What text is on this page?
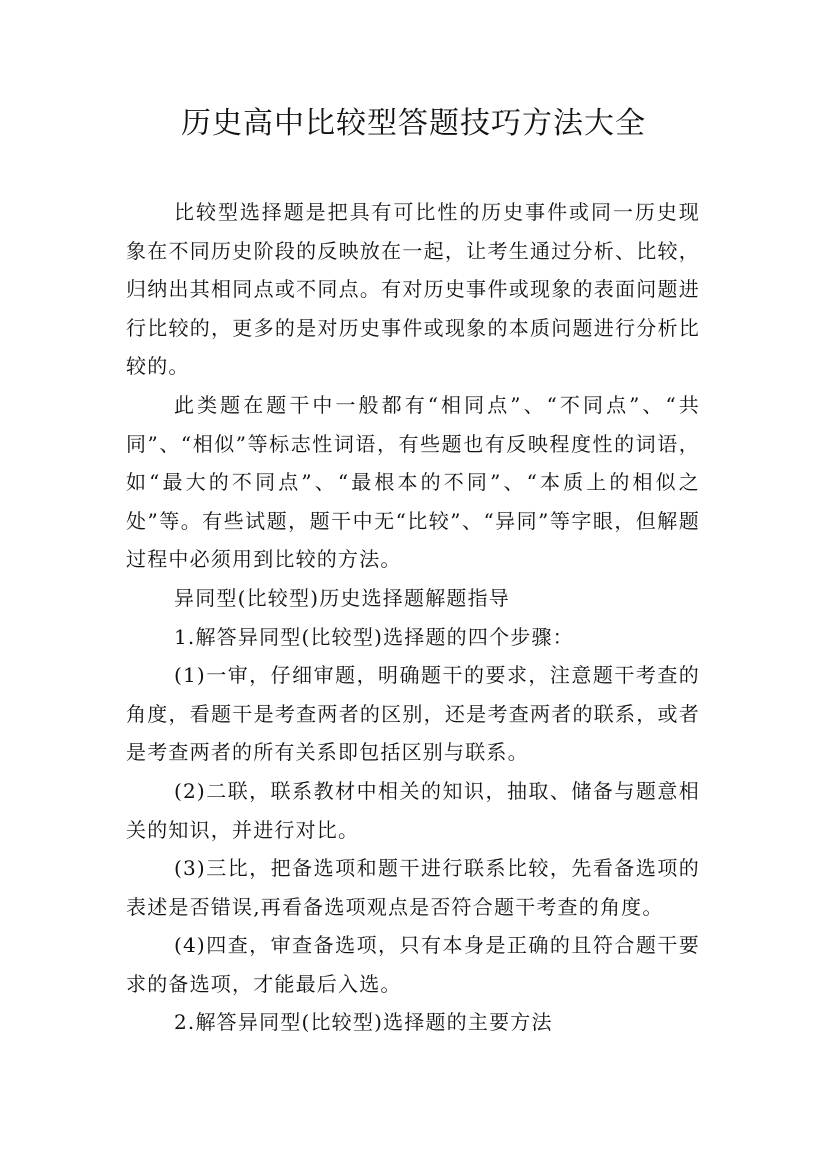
历史高中比较型答题技巧方法大全

比较型选择题是把具有可比性的历史事件或同一历史现象在不同历史阶段的反映放在一起，让考生通过分析、比较，归纳出其相同点或不同点。有对历史事件或现象的表面问题进行比较的，更多的是对历史事件或现象的本质问题进行分析比较的。

此类题在题干中一般都有“相同点”、“不同点”、“共同”、“相似”等标志性词语，有些题也有反映程度性的词语，如“最大的不同点”、“最根本的不同”、“本质上的相似之处”等。有些试题，题干中无“比较”、“异同”等字眼，但解题过程中必须用到比较的方法。

异同型(比较型)历史选择题解题指导

1.解答异同型(比较型)选择题的四个步骤：

(1)一审，仔细审题，明确题干的要求，注意题干考查的角度，看题干是考查两者的区别，还是考查两者的联系，或者是考查两者的所有关系即包括区别与联系。

(2)二联，联系教材中相关的知识，抽取、储备与题意相关的知识，并进行对比。

(3)三比，把备选项和题干进行联系比较，先看备选项的表述是否错误,再看备选项观点是否符合题干考查的角度。

(4)四查，审查备选项，只有本身是正确的且符合题干要求的备选项，才能最后入选。

2.解答异同型(比较型)选择题的主要方法
